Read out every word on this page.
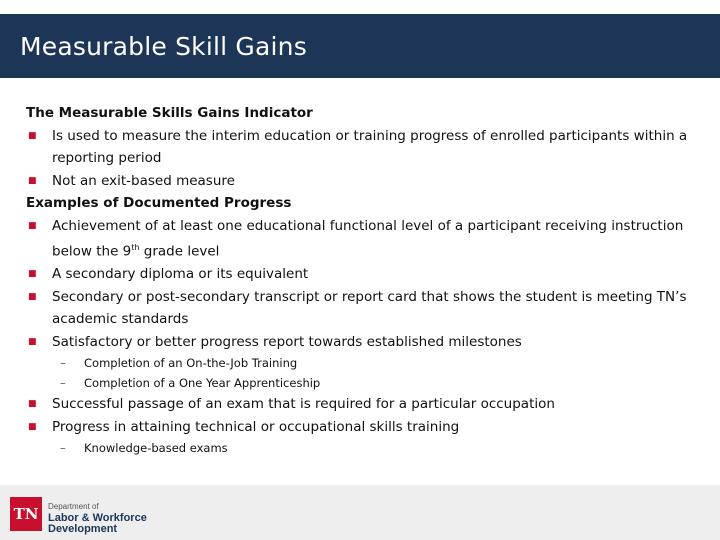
Measurable Skill Gains
The Measurable Skills Gains Indicator
■ Is used to measure the interim education or training progress of enrolled participants within a reporting period
■ Not an exit-based measure
Examples of Documented Progress
■ Achievement of at least one educational functional level of a participant receiving instruction below the 9th grade level
■ A secondary diploma or its equivalent
■ Secondary or post-secondary transcript or report card that shows the student is meeting TN’s academic standards
■ Satisfactory or better progress report towards established milestones
– Completion of an On-the-Job Training
– Completion of a One Year Apprenticeship
■ Successful passage of an exam that is required for a particular occupation
■ Progress in attaining technical or occupational skills training
– Knowledge-based exams
TN	Department of
Labor & Workforce
Development
